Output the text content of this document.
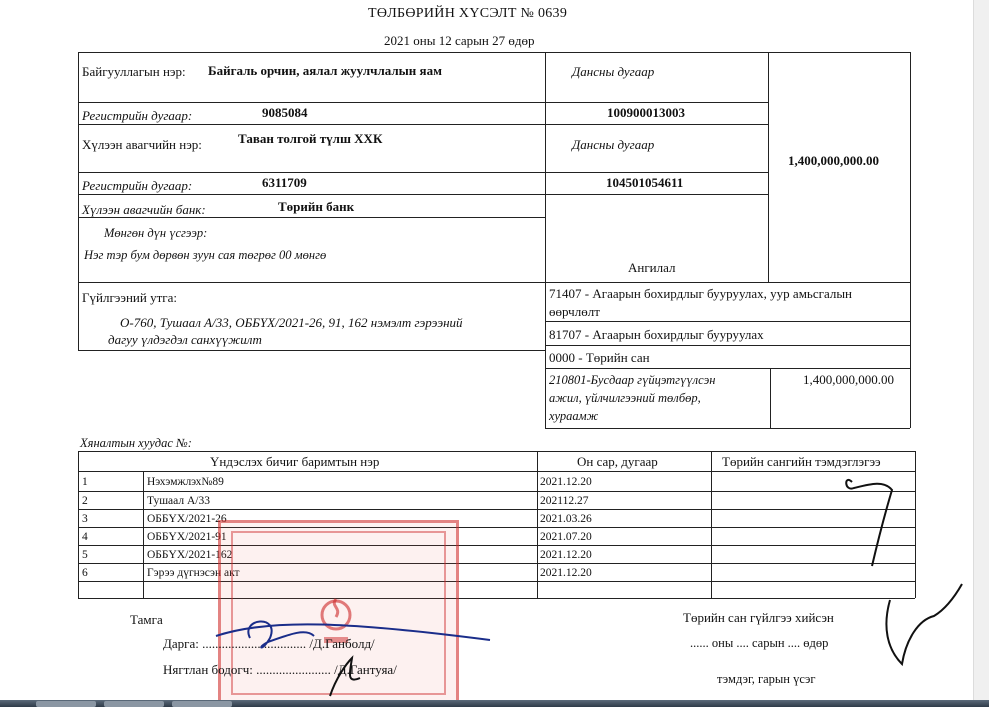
ТӨЛБӨРИЙН ХҮСЭЛТ № 0639
2021 оны 12 сарын 27 өдөр
Байгууллагын нэр: Байгаль орчин, аялал жуулчлалын яам	Дансны дугаар
Регистрийн дугаар:	9085084	100900013003
1,400,000,000.00
Хүлээн авагчийн нэр:	Таван толгой түлш ХХК	Дансны дугаар
Регистрийн дугаар:	6311709	104501054611
Хүлээн авагчийн банк:	Төрийн банк
Мөнгөн дүн үсгээр:
Нэг тэр бум дөрвөн зуун сая төгрөг 00 мөнгө
Ангилал
Гүйлгээний утга:
О-760, Тушаал А/33, ОББҮХ/2021-26, 91, 162 нэмэлт гэрээний
дагуу үлдэгдэл санхүүжилт
71407 - Агаарын бохирдлыг бууруулах, уур амьсгалын
өөрчлөлт
81707 - Агаарын бохирдлыг бууруулах
0000 - Төрийн сан
210801-Бусдаар гүйцэтгүүлсэн
ажил, үйлчилгээний төлбөр,
хураамж
1,400,000,000.00
Хяналтын хуудас №:
Үндэслэх бичиг баримтын нэр	Он сар, дугаар	Төрийн сангийн тэмдэглэгээ
1	Нэхэмжлэх№89	2021.12.20
2	Тушаал А/33	202112.27
3	ОББҮХ/2021-26	2021.03.26
4	ОББҮХ/2021-91	2021.07.20
5	ОББҮХ/2021-162	2021.12.20
6	Гэрээ дүгнэсэн акт	2021.12.20
Тамга
Дарга: ................................ /Д.Ганболд/
Нягтлан бодогч: ....................... /Д.Гантуяа/
Төрийн сан гүйлгээ хийсэн
...... оны .... сарын .... өдөр
тэмдэг, гарын үсэг
